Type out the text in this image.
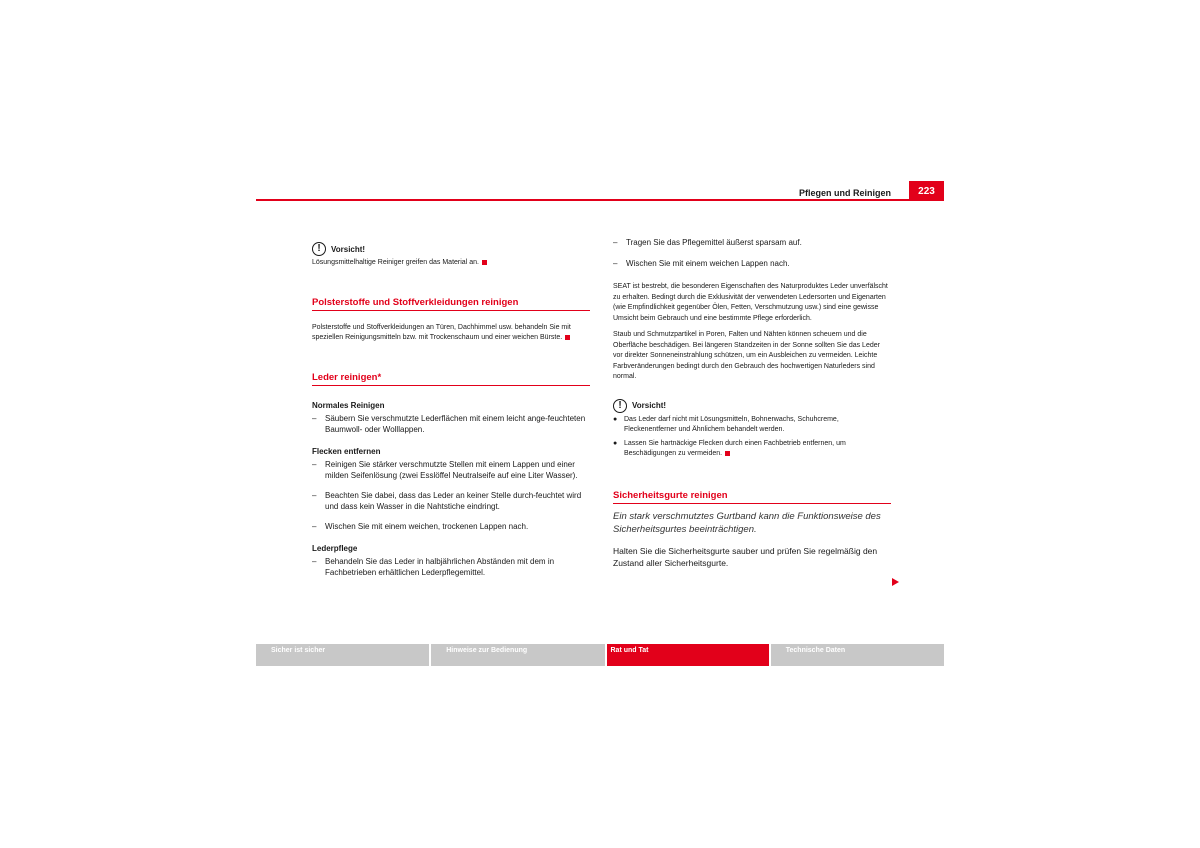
Pflegen und Reinigen	223
!	Vorsicht!

Lösungsmittelhaltige Reiniger greifen das Material an.

Polsterstoffe und Stoffverkleidungen reinigen

Polsterstoffe und Stoffverkleidungen an Türen, Dachhimmel usw. behandeln Sie mit speziellen Reinigungsmitteln bzw. mit Trockenschaum und einer weichen Bürste.

Leder reinigen*
Normales Reinigen
–	Säubern Sie verschmutzte Lederflächen mit einem leicht ange-feuchteten Baumwoll- oder Wolllappen.
Flecken entfernen
–	Reinigen Sie stärker verschmutzte Stellen mit einem Lappen und einer milden Seifenlösung (zwei Esslöffel Neutralseife auf eine Liter Wasser).
–	Beachten Sie dabei, dass das Leder an keiner Stelle durch-feuchtet wird und dass kein Wasser in die Nahtstiche eindringt.
–	Wischen Sie mit einem weichen, trockenen Lappen nach.
Lederpflege
–	Behandeln Sie das Leder in halbjährlichen Abständen mit dem in Fachbetrieben erhältlichen Lederpflegemittel.
–	Tragen Sie das Pflegemittel äußerst sparsam auf.
–	Wischen Sie mit einem weichen Lappen nach.

SEAT ist bestrebt, die besonderen Eigenschaften des Naturproduktes Leder unverfälscht zu erhalten. Bedingt durch die Exklusivität der verwendeten Ledersorten und Eigenarten (wie Empfindlichkeit gegenüber Ölen, Fetten, Verschmutzung usw.) sind eine gewisse Umsicht beim Gebrauch und eine bestimmte Pflege erforderlich.

Staub und Schmutzpartikel in Poren, Falten und Nähten können scheuern und die Oberfläche beschädigen. Bei längeren Standzeiten in der Sonne sollten Sie das Leder vor direkter Sonneneinstrahlung schützen, um ein Ausbleichen zu vermeiden. Leichte Farbveränderungen bedingt durch den Gebrauch des hochwertigen Naturleders sind normal.

!	Vorsicht!
● Das Leder darf nicht mit Lösungsmitteln, Bohnerwachs, Schuhcreme, Fleckenentferner und Ähnlichem behandelt werden.
● Lassen Sie hartnäckige Flecken durch einen Fachbetrieb entfernen, um Beschädigungen zu vermeiden.
Sicherheitsgurte reinigen

Ein stark verschmutztes Gurtband kann die Funktionsweise des Sicherheitsgurtes beeinträchtigen.

Halten Sie die Sicherheitsgurte sauber und prüfen Sie regelmäßig den Zustand aller Sicherheitsgurte.

Sicher ist sicher	Hinweise zur Bedienung	Rat und Tat	Technische Daten
